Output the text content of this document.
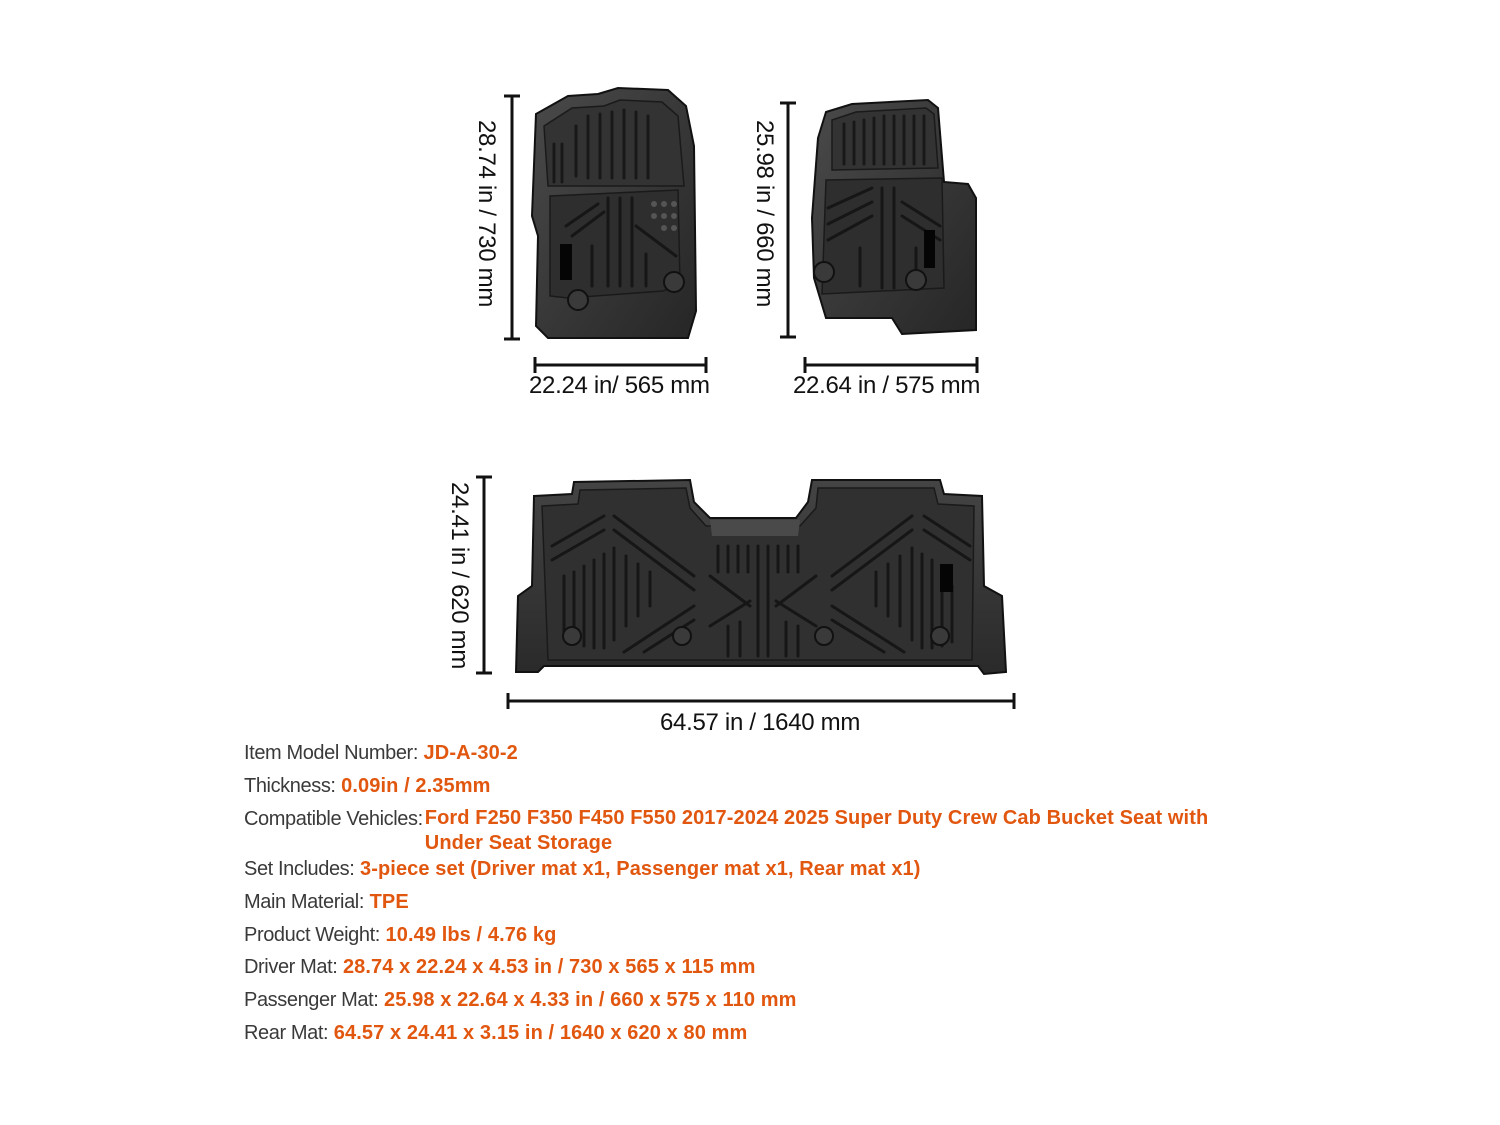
28.74 in / 730 mm
22.24 in/ 565 mm
25.98 in / 660 mm
22.64 in / 575 mm
24.41 in / 620 mm
64.57 in / 1640 mm
Item Model Number:
JD-A-30-2
Thickness:
0.09in / 2.35mm
Compatible Vehicles: Ford F250 F350 F450 F550 2017-2024 2025 Super Duty Crew Cab Bucket Seat with Under Seat Storage
Set Includes:
3-piece set (Driver mat x1, Passenger mat x1, Rear mat x1)
Main Material:
TPE
Product Weight:
10.49 lbs / 4.76 kg
Driver Mat:
28.74 x 22.24 x 4.53 in / 730 x 565 x 115 mm
Passenger Mat:
25.98 x 22.64 x 4.33 in / 660 x 575 x 110 mm
Rear Mat:
64.57 x 24.41 x 3.15 in / 1640 x 620 x 80 mm
